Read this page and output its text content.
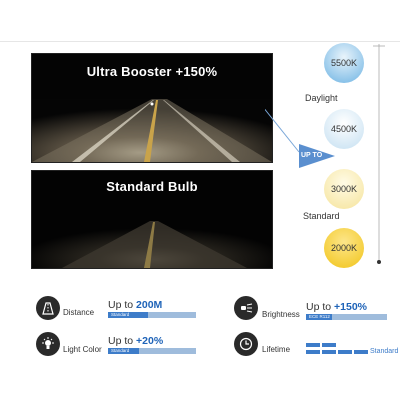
Ultra Booster +150%
Standard Bulb
5500K
Daylight
4500K
UP TO
3000K
Standard
2000K
Distance
Up to 200M
Standard
Light Color
Up to +20%
Standard
Brightness
Up to +150%
ECE R112
Lifetime	Standard
